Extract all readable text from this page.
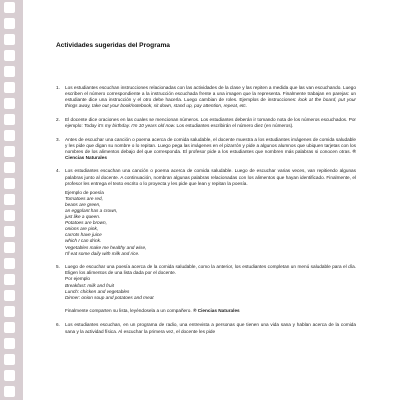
Actividades sugeridas del Programa
1. Los estudiantes escuchan instrucciones relacionadas con las actividades de la clase y las repiten a medida que las van escuchando. Luego escriben el número correspondiente a la instrucción escuchada frente a una imagen que la representa. Finalmente trabajan en parejas: un estudiante dice una instrucción y el otro debe hacerla. Luego cambian de roles. Ejemplos de instrucciones: look at the board, put your things away, take out your book/notebook, sit down, stand up, pay attention, repeat, etc.
2. El docente dice oraciones en las cuales se mencionan números. Los estudiantes deberán ir tomando nota de los números escuchados. Por ejemplo: Today it's my birthday. I'm 10 years old now. Los estudiantes escribirán el número diez (en números).
3. Antes de escuchar una canción o poema acerca de comida saludable, el docente muestra a los estudiantes imágenes de comida saludable y les pide que digan su nombre o lo repitan. Luego pega las imágenes en el pizarrón y pide a algunos alumnos que ubiquen tarjetas con los nombres de los alimentos debajo del que corresponda. El profesor pide a los estudiantes que nombren más palabras si conocen otras. ® Ciencias Naturales
4. Los estudiantes escuchan una canción o poema acerca de comida saludable. Luego de escuchar varias veces, van repitiendo algunas palabras junto al docente. A continuación, nombran algunas palabras relacionadas con los alimentos que hayan identificado. Finalmente, el profesor les entrega el texto escrito o lo proyecta y les pide que lean y repitan la poesía.
Ejemplo de poesía
Tomatoes are red,
beans are green,
an eggplant has a crown,
just like a queen.
Potatoes are brown,
onions are pink,
carrots have juice
which I can drink.
Vegetables make me healthy and wise,
I'll eat some daily with milk and rice.
5. Luego de escuchar una poesía acerca de la comida saludable, como la anterior, los estudiantes completan un menú saludable para el día. Eligen los alimentos de una lista dada por el docente.
Por ejemplo
Breakfast: milk and fruit
Lunch: chicken and vegetables
Dinner: onion soup and potatoes and meat
Finalmente comparten su lista, leyéndosela a un compañero. ® Ciencias Naturales
6. Los estudiantes escuchan, en un programa de radio, una entrevista a personas que tienen una vida sana y hablan acerca de la comida sana y la actividad física. Al escuchar la primera vez, el docente les pide
